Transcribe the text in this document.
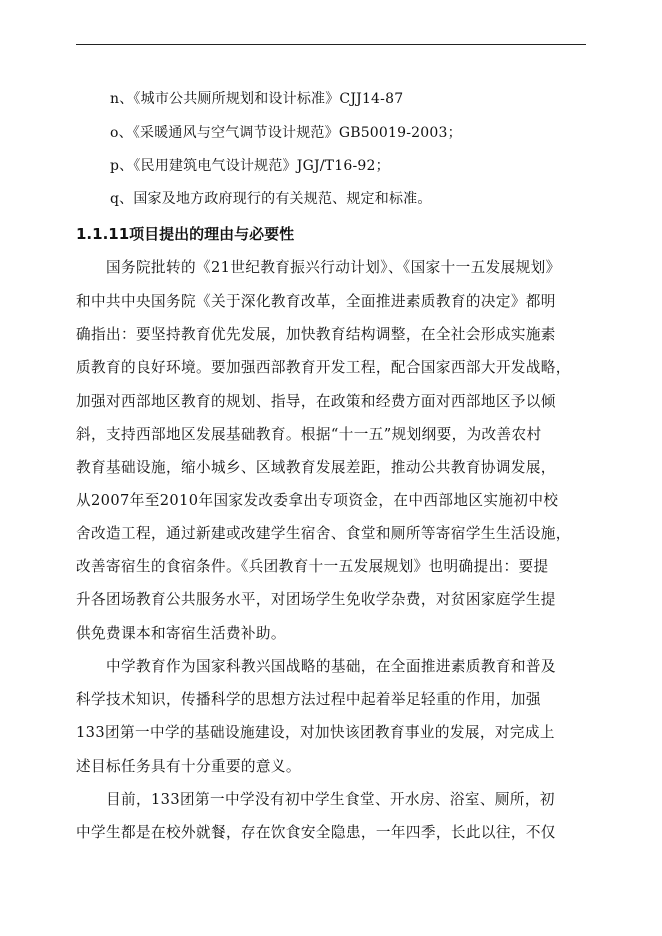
n、《城市公共厕所规划和设计标准》CJJ14-87
o、《采暖通风与空气调节设计规范》GB50019-2003；
p、《民用建筑电气设计规范》JGJ/T16-92；
q、国家及地方政府现行的有关规范、规定和标准。
1.1.11项目提出的理由与必要性
国务院批转的《21世纪教育振兴行动计划》、《国家十一五发展规划》
和中共中央国务院《关于深化教育改革，全面推进素质教育的决定》都明
确指出：要坚持教育优先发展，加快教育结构调整，在全社会形成实施素
质教育的良好环境。要加强西部教育开发工程，配合国家西部大开发战略，
加强对西部地区教育的规划、指导，在政策和经费方面对西部地区予以倾
斜，支持西部地区发展基础教育。根据“十一五”规划纲要，为改善农村
教育基础设施，缩小城乡、区域教育发展差距，推动公共教育协调发展，
从2007年至2010年国家发改委拿出专项资金，在中西部地区实施初中校
舍改造工程，通过新建或改建学生宿舍、食堂和厕所等寄宿学生生活设施，
改善寄宿生的食宿条件。《兵团教育十一五发展规划》也明确提出：要提
升各团场教育公共服务水平，对团场学生免收学杂费，对贫困家庭学生提
供免费课本和寄宿生活费补助。
中学教育作为国家科教兴国战略的基础，在全面推进素质教育和普及
科学技术知识，传播科学的思想方法过程中起着举足轻重的作用，加强
133团第一中学的基础设施建设，对加快该团教育事业的发展，对完成上
述目标任务具有十分重要的意义。
目前，133团第一中学没有初中学生食堂、开水房、浴室、厕所，初
中学生都是在校外就餐，存在饮食安全隐患，一年四季，长此以往，不仅
